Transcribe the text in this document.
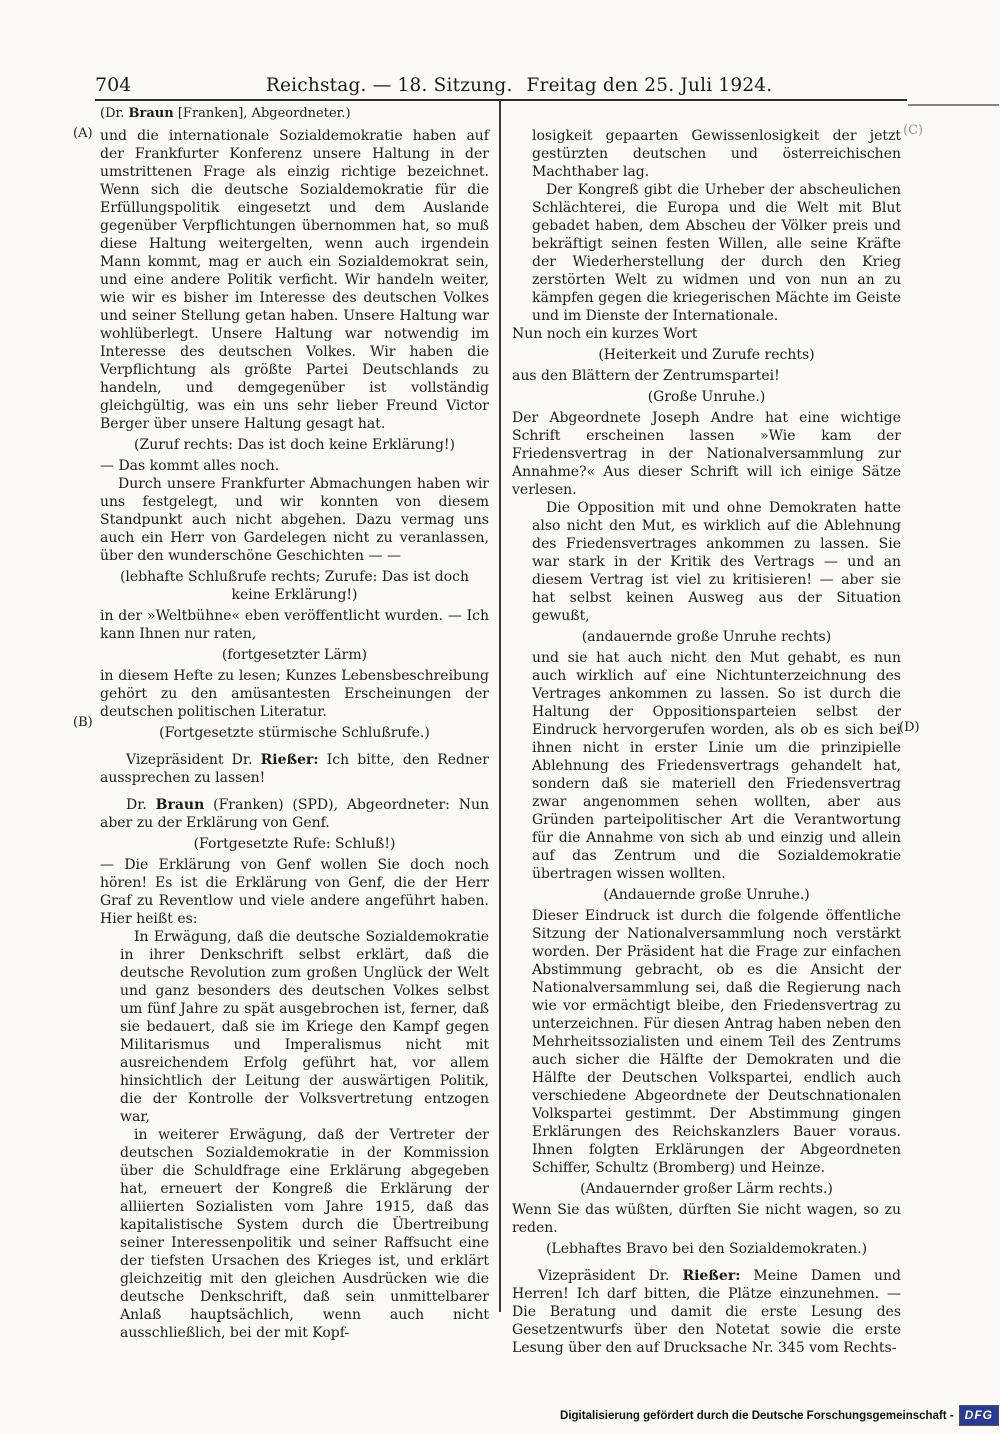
704	Reichstag. — 18. Sitzung. Freitag den 25. Juli 1924.
(A)
(B)
(C)
(D)

(Dr. Braun [Franken], Abgeordneter.)

und die internationale Sozialdemokratie haben auf der Frankfurter Konferenz unsere Haltung in der umstrittenen Frage als einzig richtige bezeichnet. Wenn sich die deutsche Sozialdemokratie für die Erfüllungspolitik eingesetzt und dem Auslande gegenüber Verpflichtungen übernommen hat, so muß diese Haltung weitergelten, wenn auch irgendein Mann kommt, mag er auch ein Sozialdemokrat sein, und eine andere Politik verficht. Wir handeln weiter, wie wir es bisher im Interesse des deutschen Volkes und seiner Stellung getan haben. Unsere Haltung war wohlüberlegt. Unsere Haltung war notwendig im Interesse des deutschen Volkes. Wir haben die Verpflichtung als größte Partei Deutschlands zu handeln, und demgegenüber ist vollständig gleichgültig, was ein uns sehr lieber Freund Victor Berger über unsere Haltung gesagt hat.

(Zuruf rechts: Das ist doch keine Erklärung!)

— Das kommt alles noch.

Durch unsere Frankfurter Abmachungen haben wir uns festgelegt, und wir konnten von diesem Standpunkt auch nicht abgehen. Dazu vermag uns auch ein Herr von Gardelegen nicht zu veranlassen, über den wunderschöne Geschichten — —

(lebhafte Schlußrufe rechts; Zurufe: Das ist doch keine Erklärung!)

in der »Weltbühne« eben veröffentlicht wurden. — Ich kann Ihnen nur raten,

(fortgesetzter Lärm)

in diesem Hefte zu lesen; Kunzes Lebensbeschreibung gehört zu den amüsantesten Erscheinungen der deutschen politischen Literatur.

(Fortgesetzte stürmische Schlußrufe.)

Vizepräsident Dr. Rießer: Ich bitte, den Redner aussprechen zu lassen!

Dr. Braun (Franken) (SPD), Abgeordneter: Nun aber zu der Erklärung von Genf.

(Fortgesetzte Rufe: Schluß!)

— Die Erklärung von Genf wollen Sie doch noch hören! Es ist die Erklärung von Genf, die der Herr Graf zu Reventlow und viele andere angeführt haben. Hier heißt es:

In Erwägung, daß die deutsche Sozialdemokratie in ihrer Denkschrift selbst erklärt, daß die deutsche Revolution zum großen Unglück der Welt und ganz besonders des deutschen Volkes selbst um fünf Jahre zu spät ausgebrochen ist, ferner, daß sie bedauert, daß sie im Kriege den Kampf gegen Militarismus und Imperalismus nicht mit ausreichendem Erfolg geführt hat, vor allem hinsichtlich der Leitung der auswärtigen Politik, die der Kontrolle der Volksvertretung entzogen war,

in weiterer Erwägung, daß der Vertreter der deutschen Sozialdemokratie in der Kommission über die Schuldfrage eine Erklärung abgegeben hat, erneuert der Kongreß die Erklärung der alliierten Sozialisten vom Jahre 1915, daß das kapitalistische System durch die Übertreibung seiner Interessenpolitik und seiner Raffsucht eine der tiefsten Ursachen des Krieges ist, und erklärt gleichzeitig mit den gleichen Ausdrücken wie die deutsche Denkschrift, daß sein unmittelbarer Anlaß hauptsächlich, wenn auch nicht ausschließlich, bei der mit Kopf-

losigkeit gepaarten Gewissenlosigkeit der jetzt gestürzten deutschen und österreichischen Machthaber lag.

Der Kongreß gibt die Urheber der abscheulichen Schlächterei, die Europa und die Welt mit Blut gebadet haben, dem Abscheu der Völker preis und bekräftigt seinen festen Willen, alle seine Kräfte der Wiederherstellung der durch den Krieg zerstörten Welt zu widmen und von nun an zu kämpfen gegen die kriegerischen Mächte im Geiste und im Dienste der Internationale.

Nun noch ein kurzes Wort

(Heiterkeit und Zurufe rechts)

aus den Blättern der Zentrumspartei!

(Große Unruhe.)

Der Abgeordnete Joseph Andre hat eine wichtige Schrift erscheinen lassen »Wie kam der Friedensvertrag in der Nationalversammlung zur Annahme?« Aus dieser Schrift will ich einige Sätze verlesen.

Die Opposition mit und ohne Demokraten hatte also nicht den Mut, es wirklich auf die Ablehnung des Friedensvertrages ankommen zu lassen. Sie war stark in der Kritik des Vertrags — und an diesem Vertrag ist viel zu kritisieren! — aber sie hat selbst keinen Ausweg aus der Situation gewußt,

(andauernde große Unruhe rechts)

und sie hat auch nicht den Mut gehabt, es nun auch wirklich auf eine Nichtunterzeichnung des Vertrages ankommen zu lassen. So ist durch die Haltung der Oppositionsparteien selbst der Eindruck hervorgerufen worden, als ob es sich bei ihnen nicht in erster Linie um die prinzipielle Ablehnung des Friedensvertrags gehandelt hat, sondern daß sie materiell den Friedensvertrag zwar angenommen sehen wollten, aber aus Gründen parteipolitischer Art die Verantwortung für die Annahme von sich ab und einzig und allein auf das Zentrum und die Sozialdemokratie übertragen wissen wollten.

(Andauernde große Unruhe.)

Dieser Eindruck ist durch die folgende öffentliche Sitzung der Nationalversammlung noch verstärkt worden. Der Präsident hat die Frage zur einfachen Abstimmung gebracht, ob es die Ansicht der Nationalversammlung sei, daß die Regierung nach wie vor ermächtigt bleibe, den Friedensvertrag zu unterzeichnen. Für diesen Antrag haben neben den Mehrheitssozialisten und einem Teil des Zentrums auch sicher die Hälfte der Demokraten und die Hälfte der Deutschen Volkspartei, endlich auch verschiedene Abgeordnete der Deutschnationalen Volkspartei gestimmt. Der Abstimmung gingen Erklärungen des Reichskanzlers Bauer voraus. Ihnen folgten Erklärungen der Abgeordneten Schiffer, Schultz (Bromberg) und Heinze.

(Andauernder großer Lärm rechts.)

Wenn Sie das wüßten, dürften Sie nicht wagen, so zu reden.

(Lebhaftes Bravo bei den Sozialdemokraten.)

Vizepräsident Dr. Rießer: Meine Damen und Herren! Ich darf bitten, die Plätze einzunehmen. — Die Beratung und damit die erste Lesung des Gesetzentwurfs über den Notetat sowie die erste Lesung über den auf Drucksache Nr. 345 vom Rechts-

Digitalisierung gefördert durch die Deutsche Forschungsgemeinschaft - DFG
